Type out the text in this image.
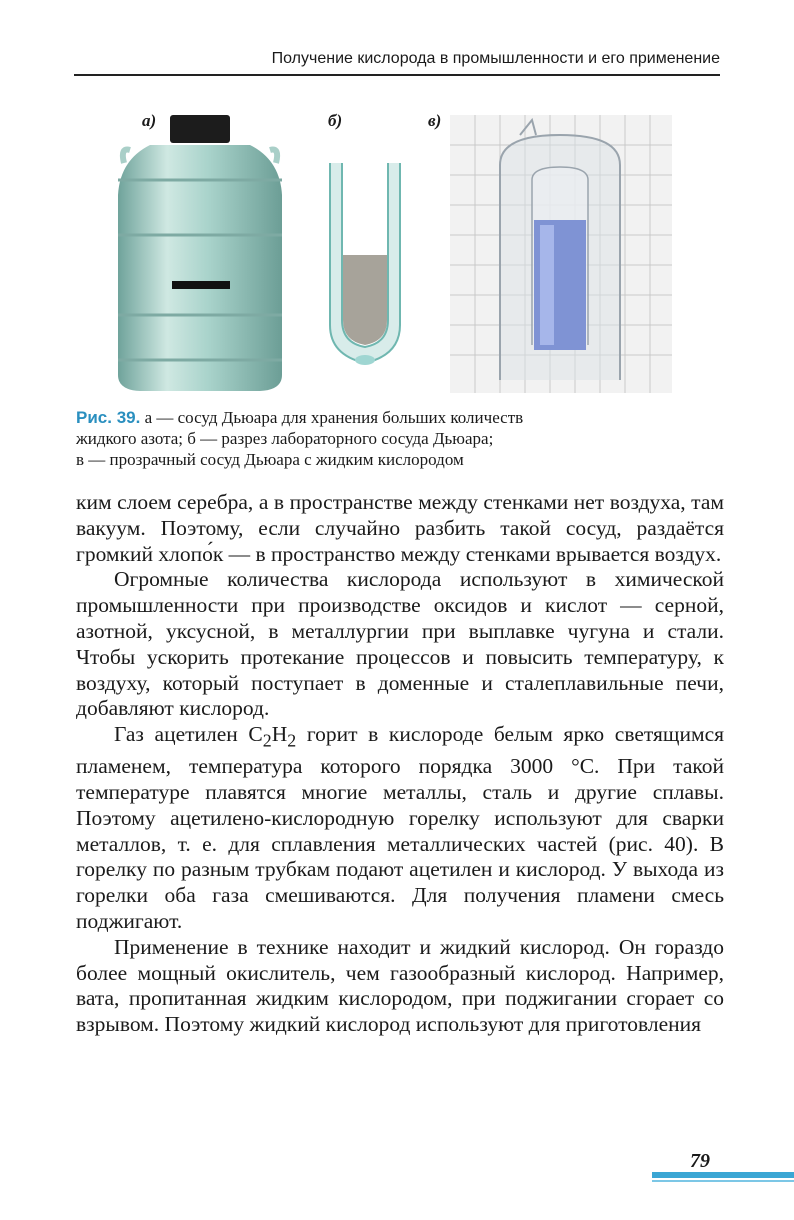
Получение кислорода в промышленности и его применение
а)	б)	в)
Рис. 39. а — сосуд Дьюара для хранения больших количеств
жидкого азота; б — разрез лабораторного сосуда Дьюара;
в — прозрачный сосуд Дьюара с жидким кислородом

ким слоем серебра, а в пространстве между стенками нет воздуха, там вакуум. Поэтому, если случайно разбить такой сосуд, раздаётся громкий хлопо́к — в пространство между стенками врывается воздух.

Огромные количества кислорода используют в химической промышленности при производстве оксидов и кислот — серной, азотной, уксусной, в металлургии при выплавке чугуна и стали. Чтобы ускорить протекание процессов и повысить температуру, к воздуху, который поступает в доменные и сталеплавильные печи, добавляют кислород.

Газ ацетилен $C_2H_2$ горит в кислороде белым ярко светящимся пламенем, температура которого порядка 3000 °C. При такой температуре плавятся многие металлы, сталь и другие сплавы. Поэтому ацетилено-кислородную горелку используют для сварки металлов, т. е. для сплавления металлических частей (рис. 40). В горелку по разным трубкам подают ацетилен и кислород. У выхода из горелки оба газа смешиваются. Для получения пламени смесь поджигают.

Применение в технике находит и жидкий кислород. Он гораздо более мощный окислитель, чем газообразный кислород. Например, вата, пропитанная жидким кислородом, при поджигании сгорает со взрывом. Поэтому жидкий кислород используют для приготовления

79
